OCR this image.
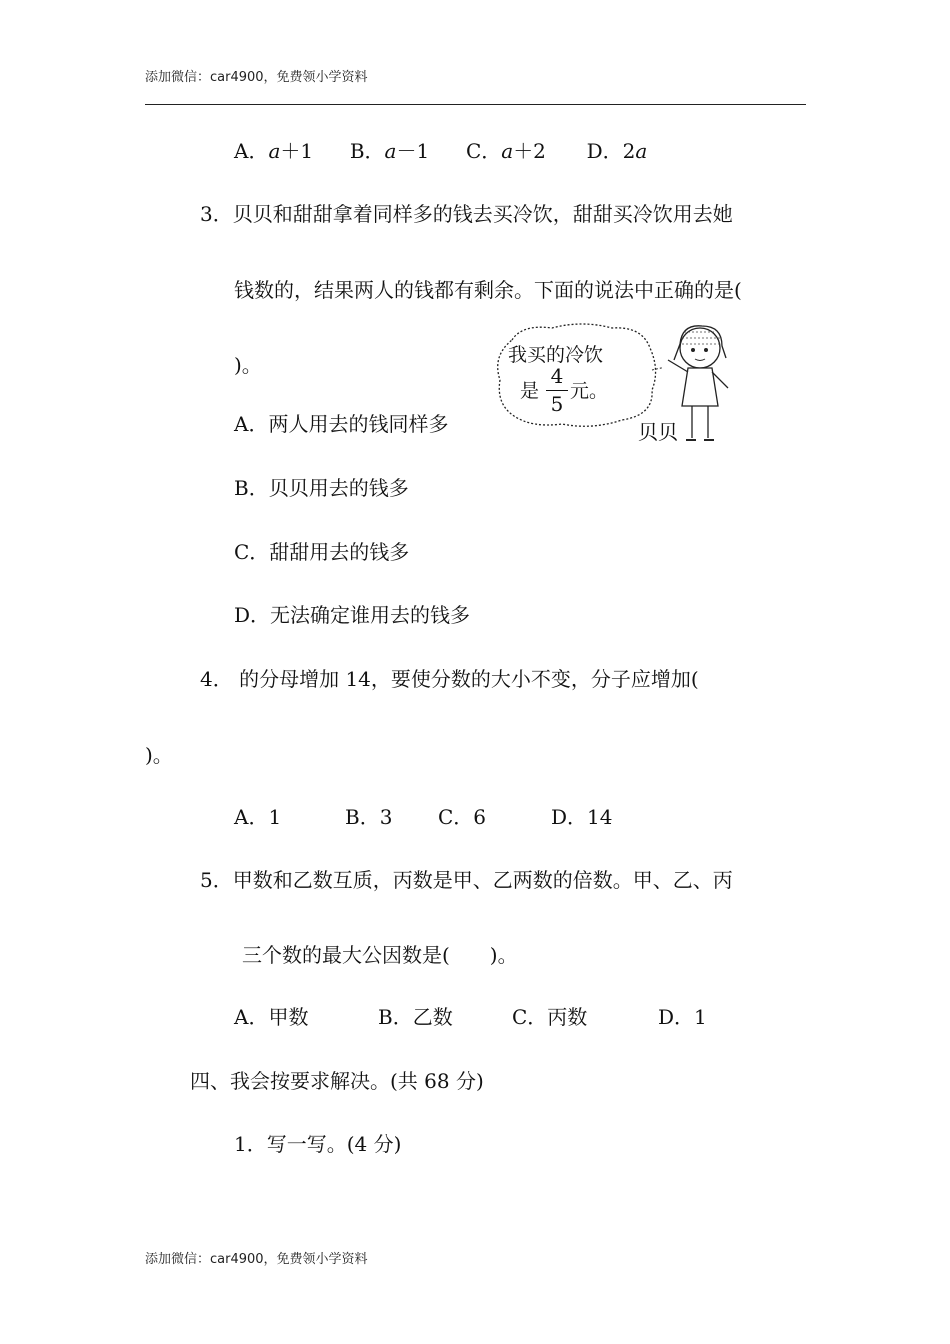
添加微信：car4900，免费领小学资料
A．a＋1 B．a－1 C．a＋2 D．2a
3．贝贝和甜甜拿着同样多的钱去买冷饮，甜甜买冷饮用去她
钱数的，结果两人的钱都有剩余。下面的说法中正确的是(
)。	我买的冷饮
是
4
5
元。
贝贝
A．两人用去的钱同样多
B．贝贝用去的钱多
C．甜甜用去的钱多
D．无法确定谁用去的钱多
4． 的分母增加 14，要使分数的大小不变，分子应增加(
)。
A．1	B．3 C．6	D．14
5．甲数和乙数互质，丙数是甲、乙两数的倍数。甲、乙、丙
三个数的最大公因数是(　　)。
A．甲数	B．乙数	C．丙数	D．1
四、我会按要求解决。(共 68 分)
1．写一写。(4 分)
添加微信：car4900，免费领小学资料
